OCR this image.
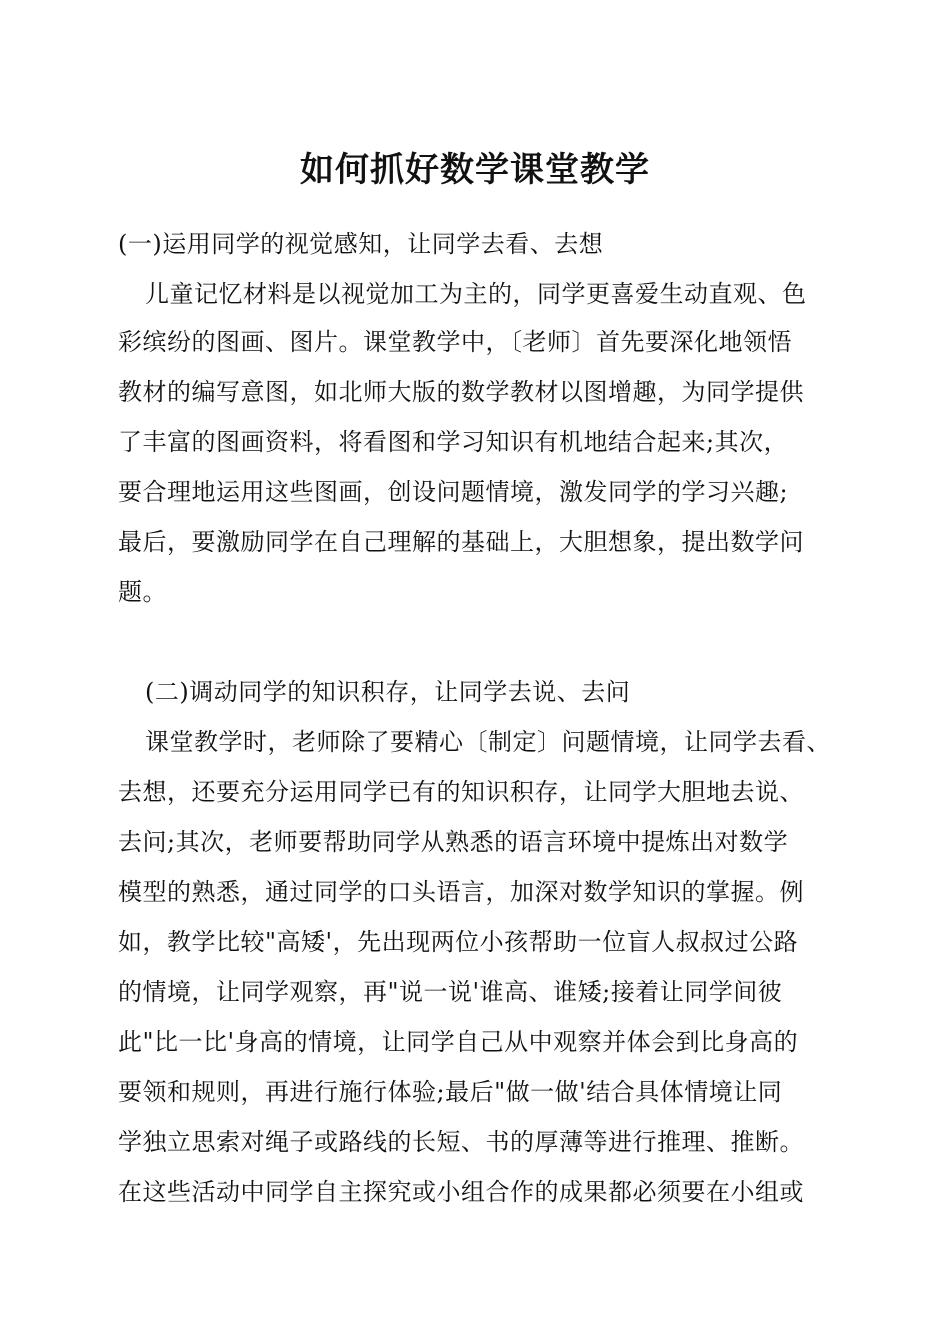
如何抓好数学课堂教学
(一)运用同学的视觉感知，让同学去看、去想
儿童记忆材料是以视觉加工为主的，同学更喜爱生动直观、色
彩缤纷的图画、图片。课堂教学中，〔老师〕首先要深化地领悟
教材的编写意图，如北师大版的数学教材以图增趣，为同学提供
了丰富的图画资料，将看图和学习知识有机地结合起来;其次，
要合理地运用这些图画，创设问题情境，激发同学的学习兴趣;
最后，要激励同学在自己理解的基础上，大胆想象，提出数学问
题。
(二)调动同学的知识积存，让同学去说、去问
课堂教学时，老师除了要精心〔制定〕问题情境，让同学去看、
去想，还要充分运用同学已有的知识积存，让同学大胆地去说、
去问;其次，老师要帮助同学从熟悉的语言环境中提炼出对数学
模型的熟悉，通过同学的口头语言，加深对数学知识的掌握。例
如，教学比较"高矮'，先出现两位小孩帮助一位盲人叔叔过公路
的情境，让同学观察，再"说一说'谁高、谁矮;接着让同学间彼
此"比一比'身高的情境，让同学自己从中观察并体会到比身高的
要领和规则，再进行施行体验;最后"做一做'结合具体情境让同
学独立思索对绳子或路线的长短、书的厚薄等进行推理、推断。
在这些活动中同学自主探究或小组合作的成果都必须要在小组或
